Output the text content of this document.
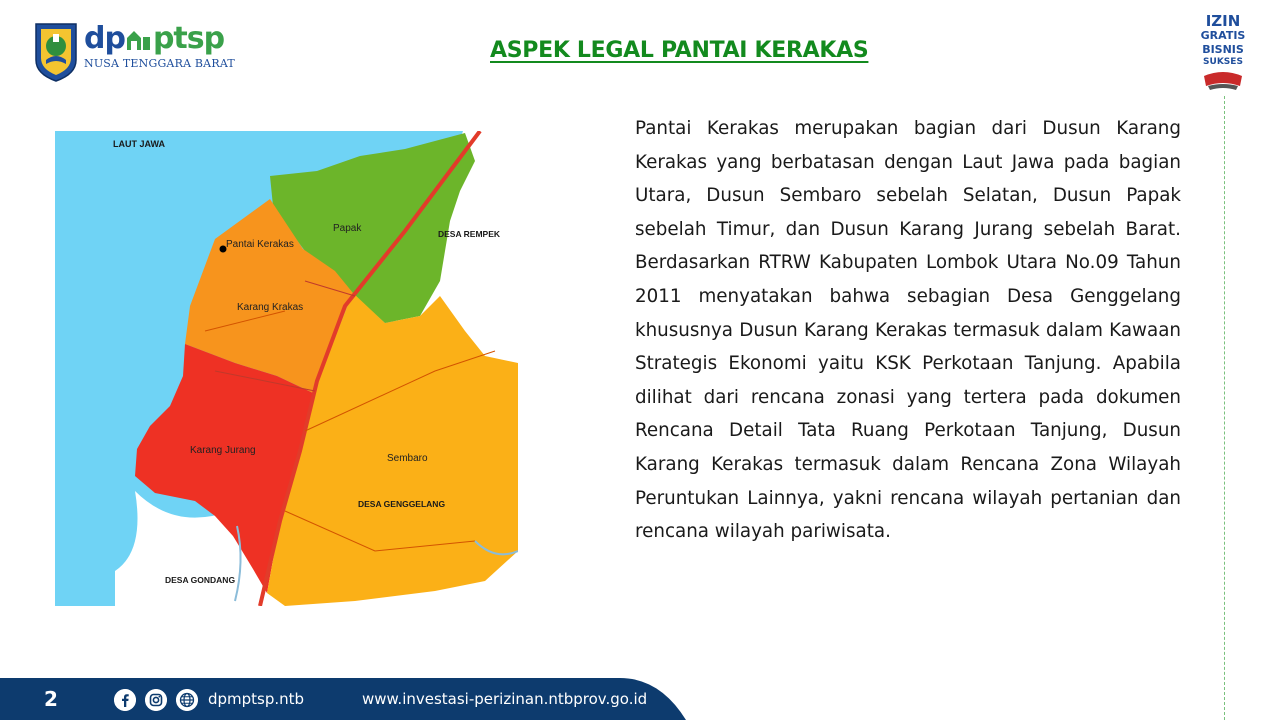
dp ptsp
NUSA TENGGARA BARAT
ASPEK LEGAL PANTAI KERAKAS
IZIN
GRATIS
BISNIS
SUKSES
LAUT JAWA
Papak	DESA REMPEK
Pantai Kerakas
Karang Krakas
Karang Jurang
Sembaro
DESA GENGGELANG
DESA GONDANG
Pantai Kerakas merupakan bagian dari Dusun Karang Kerakas yang berbatasan dengan Laut Jawa pada bagian Utara, Dusun Sembaro sebelah Selatan, Dusun Papak sebelah Timur, dan Dusun Karang Jurang sebelah Barat. Berdasarkan RTRW Kabupaten Lombok Utara No.09 Tahun 2011 menyatakan bahwa sebagian Desa Genggelang khususnya Dusun Karang Kerakas termasuk dalam Kawaan Strategis Ekonomi yaitu KSK Perkotaan Tanjung. Apabila dilihat dari rencana zonasi yang tertera pada dokumen Rencana Detail Tata Ruang Perkotaan Tanjung, Dusun Karang Kerakas termasuk dalam Rencana Zona Wilayah Peruntukan Lainnya, yakni rencana wilayah pertanian dan rencana wilayah pariwisata.
2	dpmptsp.ntb	www.investasi-perizinan.ntbprov.go.id
